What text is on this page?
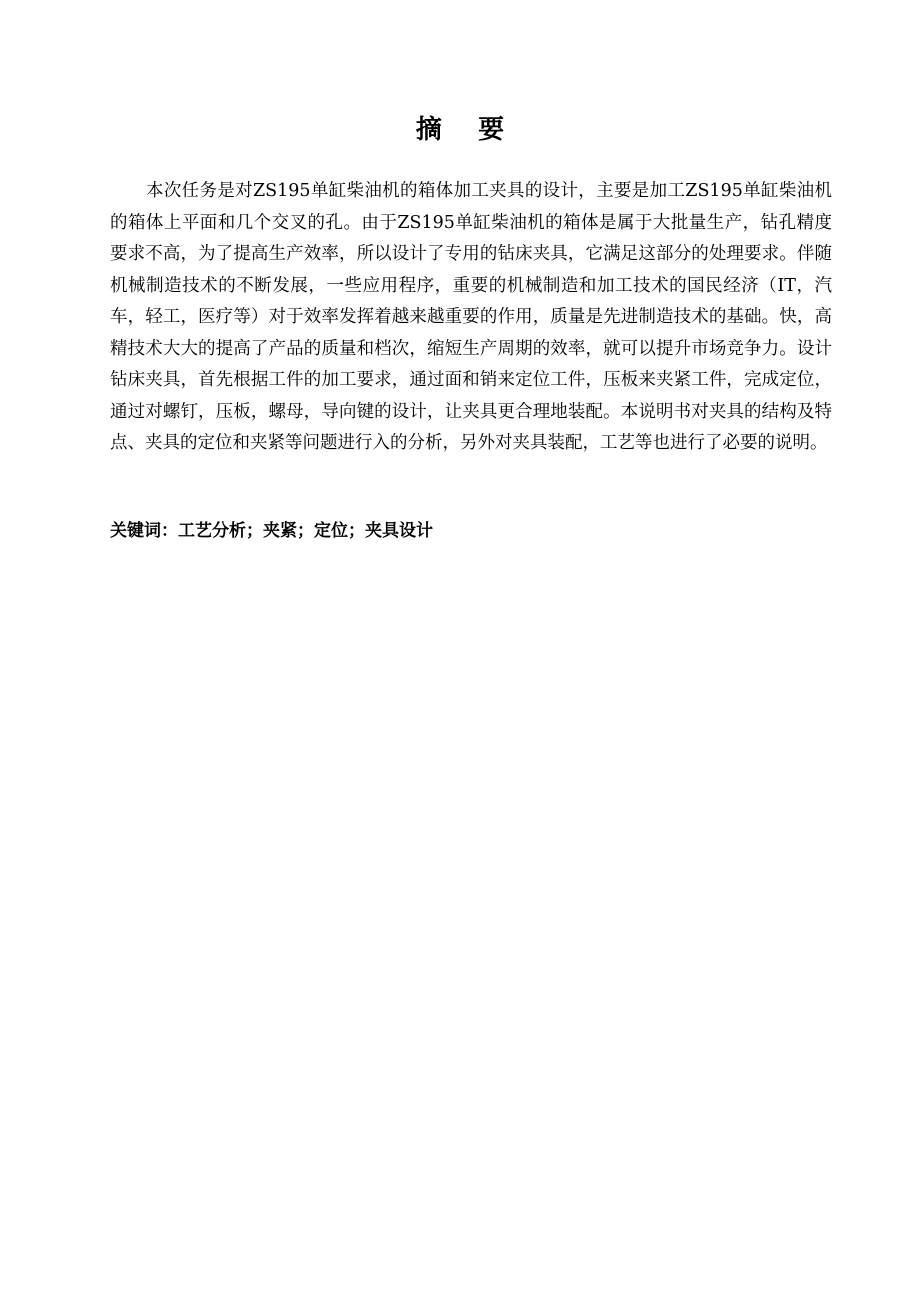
摘    要

本次任务是对ZS195单缸柴油机的箱体加工夹具的设计，主要是加工ZS195单缸柴油机的箱体上平面和几个交叉的孔。由于ZS195单缸柴油机的箱体是属于大批量生产，钻孔精度要求不高，为了提高生产效率，所以设计了专用的钻床夹具，它满足这部分的处理要求。伴随机械制造技术的不断发展，一些应用程序，重要的机械制造和加工技术的国民经济（IT，汽车，轻工，医疗等）对于效率发挥着越来越重要的作用，质量是先进制造技术的基础。快，高精技术大大的提高了产品的质量和档次，缩短生产周期的效率，就可以提升市场竞争力。设计钻床夹具，首先根据工件的加工要求，通过面和销来定位工件，压板来夹紧工件，完成定位，通过对螺钉，压板，螺母，导向键的设计，让夹具更合理地装配。本说明书对夹具的结构及特点、夹具的定位和夹紧等问题进行入的分析，另外对夹具装配，工艺等也进行了必要的说明。

关键词：工艺分析；夹紧；定位；夹具设计
